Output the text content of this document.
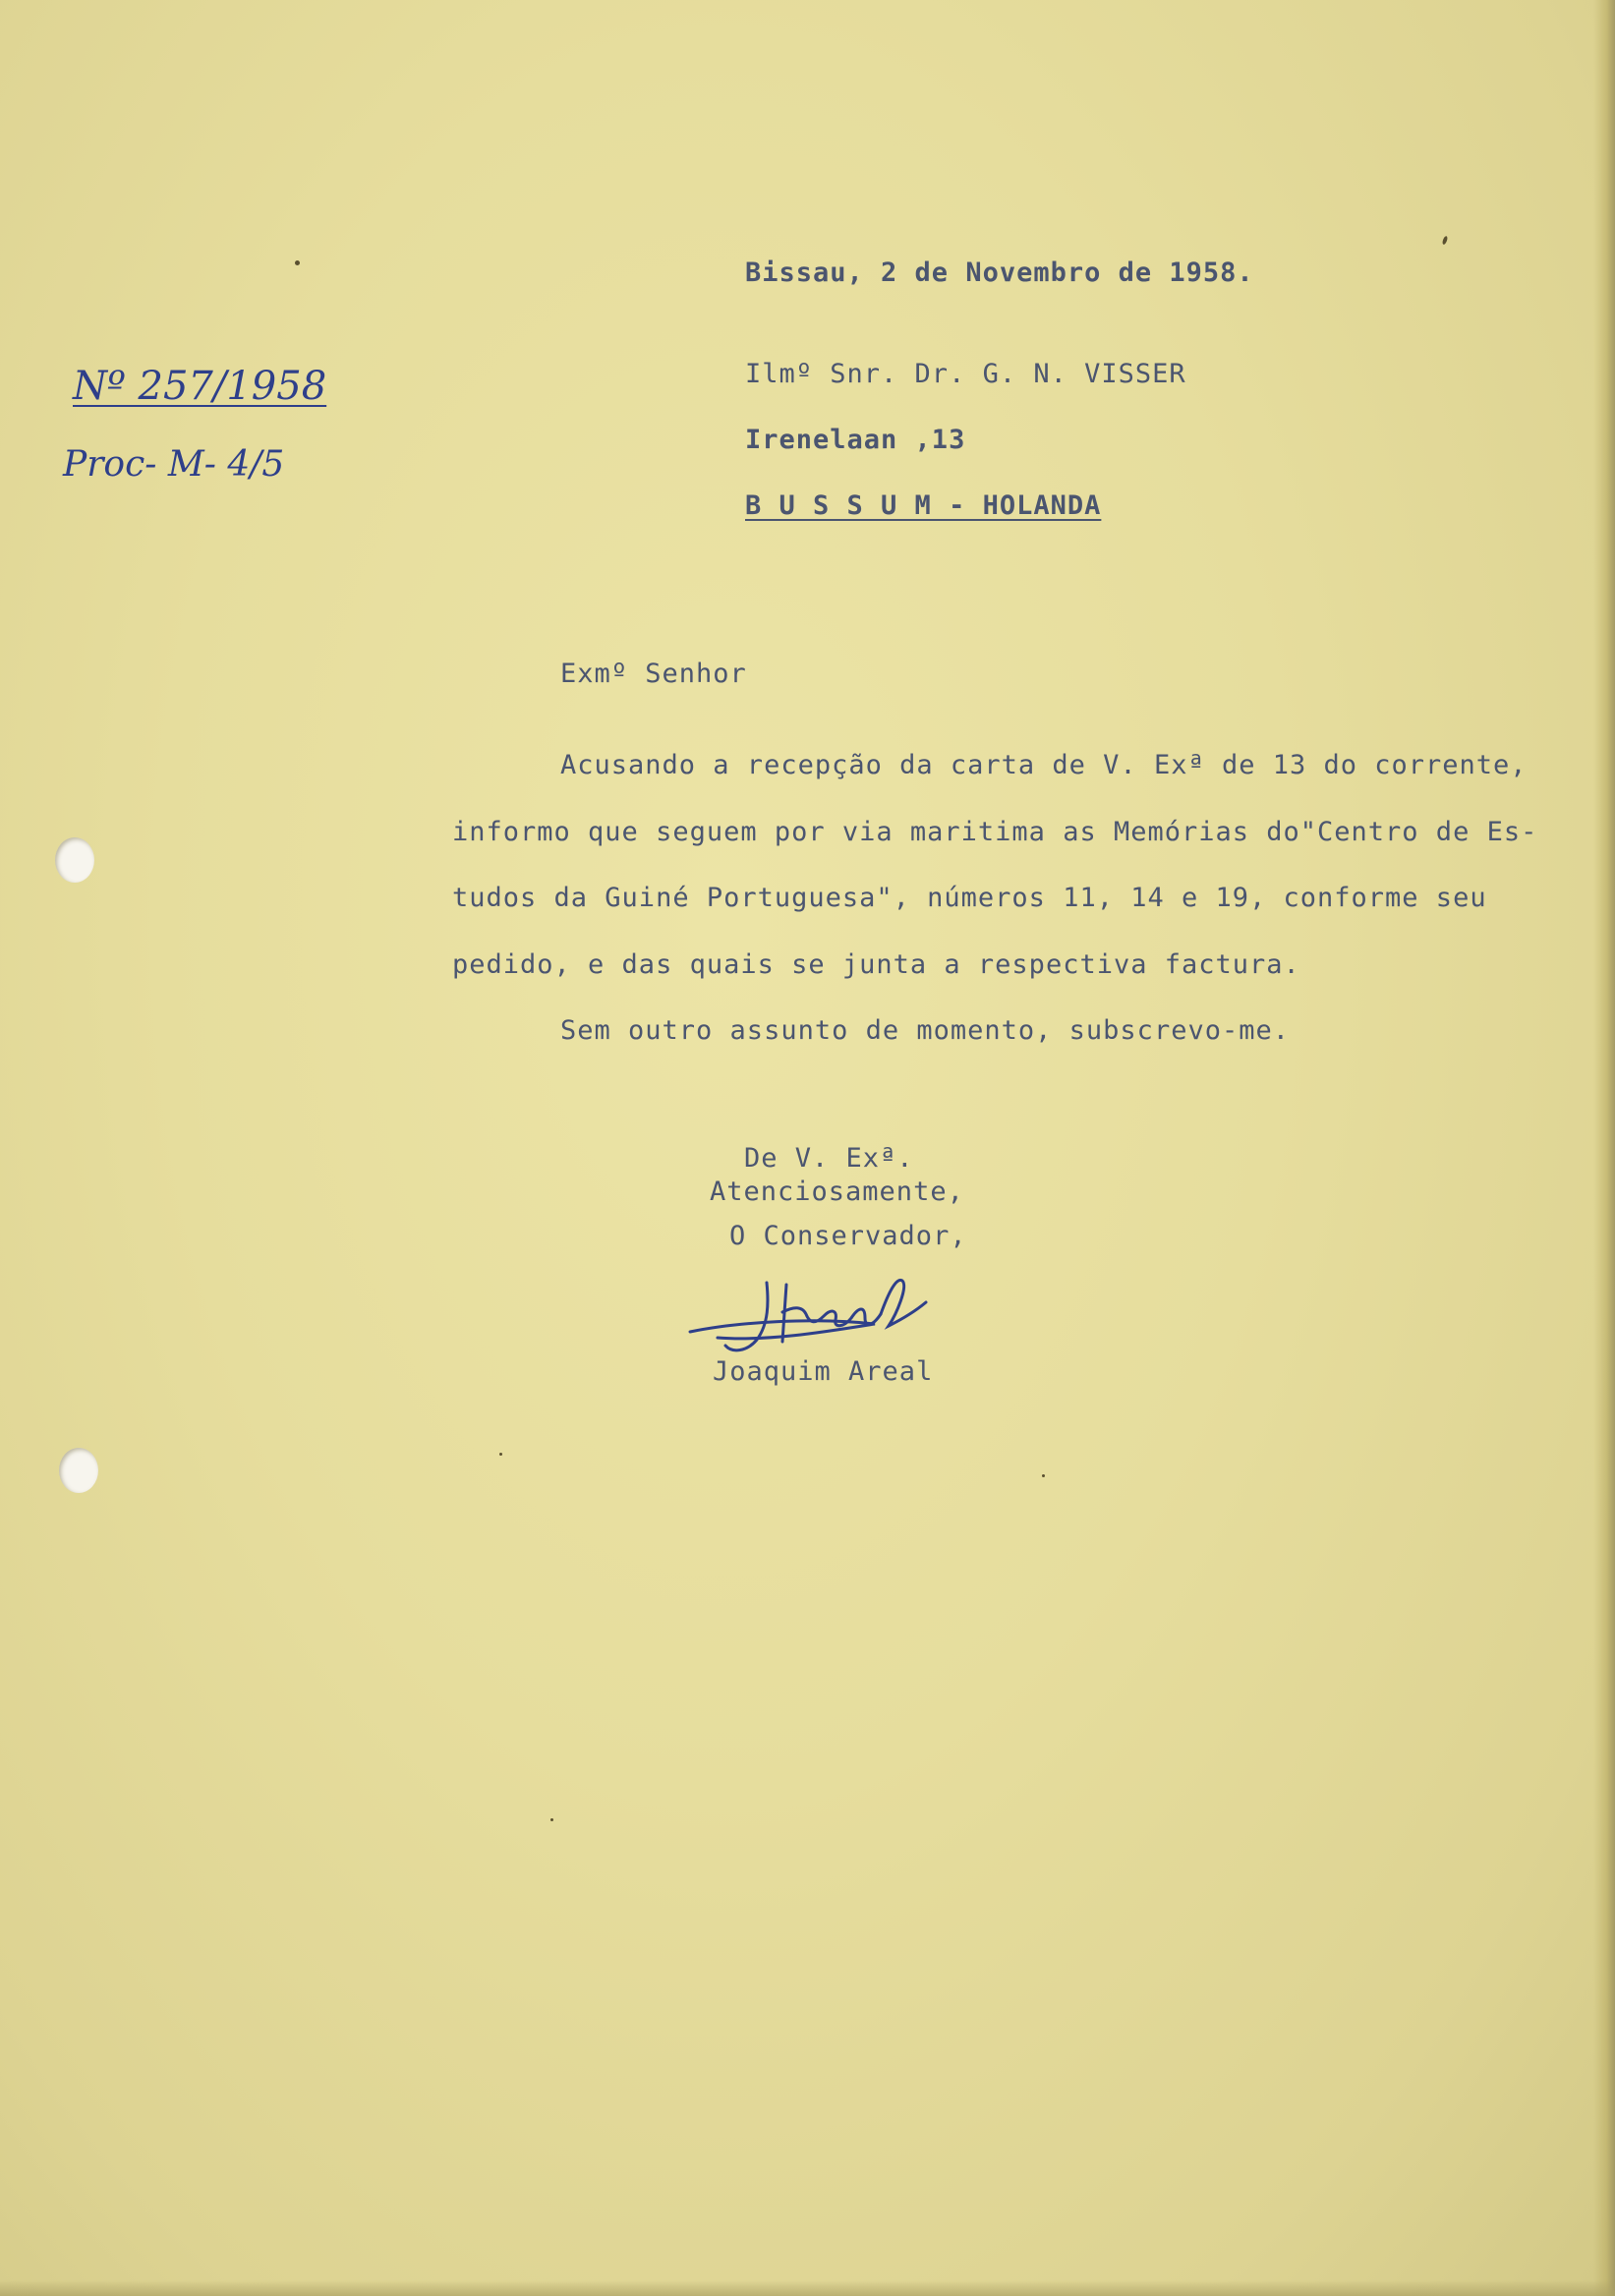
Nº 257/1958

Proc- M- 4/5

Bissau, 2 de Novembro de 1958.

Ilmº Snr. Dr. G. N. VISSER

Irenelaan ,13

B U S S U M - HOLANDA

Exmº Senhor

Acusando a recepção da carta de V. Exª de 13 do corrente,

informo que seguem por via maritima as Memórias do"Centro de Es-

tudos da Guiné Portuguesa", números 11, 14 e 19, conforme seu

pedido, e das quais se junta a respectiva factura.

Sem outro assunto de momento, subscrevo-me.

De V. Exª.

Atenciosamente,

O Conservador,

Joaquim Areal
